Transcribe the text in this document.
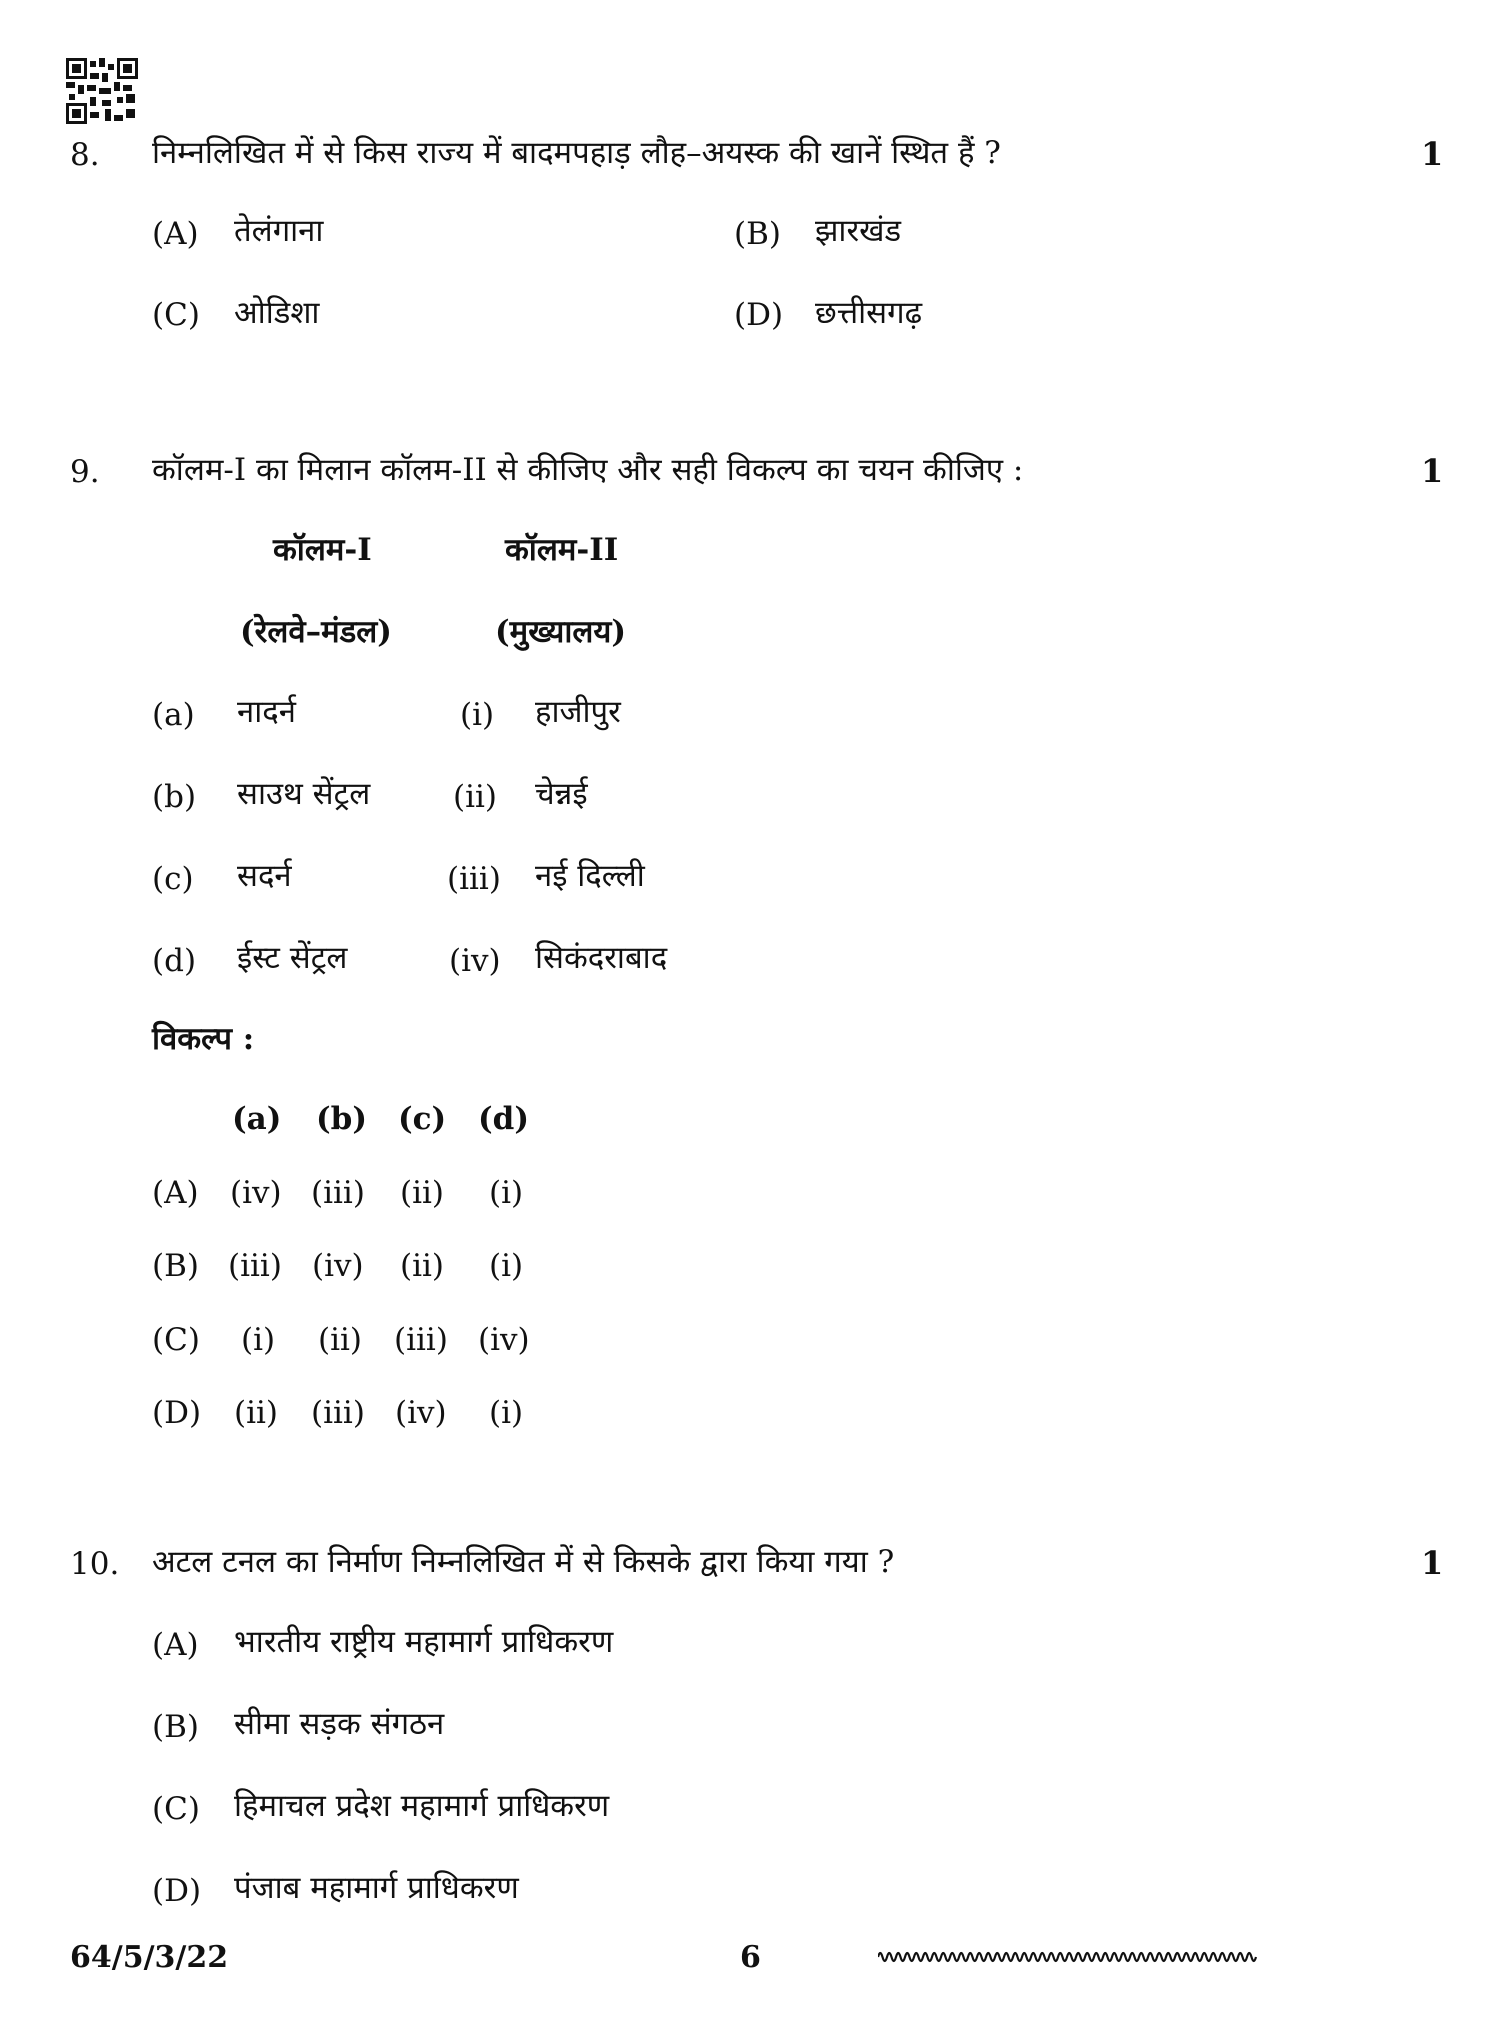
8. निम्नलिखित में से किस राज्य में बादमपहाड़ लौह–अयस्क की खानें स्थित हैं ?	1
(A) तेलंगाना	(B) झारखंड
(C) ओडिशा	(D) छत्तीसगढ़
9. कॉलम-I का मिलान कॉलम-II से कीजिए और सही विकल्प का चयन कीजिए :	1
कॉलम-I	कॉलम-II
(रेलवे–मंडल)	(मुख्यालय)
(a) नादर्न	(i) हाजीपुर
(b) साउथ सेंट्रल	(ii) चेन्नई
(c) सदर्न	(iii) नई दिल्ली
(d) ईस्ट सेंट्रल	(iv) सिकंदराबाद
विकल्प :
(a) (b) (c) (d)
(A) (iv) (iii) (ii) (i)
(B) (iii) (iv) (ii) (i)
(C) (i) (ii) (iii) (iv)
(D) (ii) (iii) (iv) (i)
10. अटल टनल का निर्माण निम्नलिखित में से किसके द्वारा किया गया ?	1
(A) भारतीय राष्ट्रीय महामार्ग प्राधिकरण
(B) सीमा सड़क संगठन
(C) हिमाचल प्रदेश महामार्ग प्राधिकरण
(D) पंजाब महामार्ग प्राधिकरण
64/5/3/22	6
